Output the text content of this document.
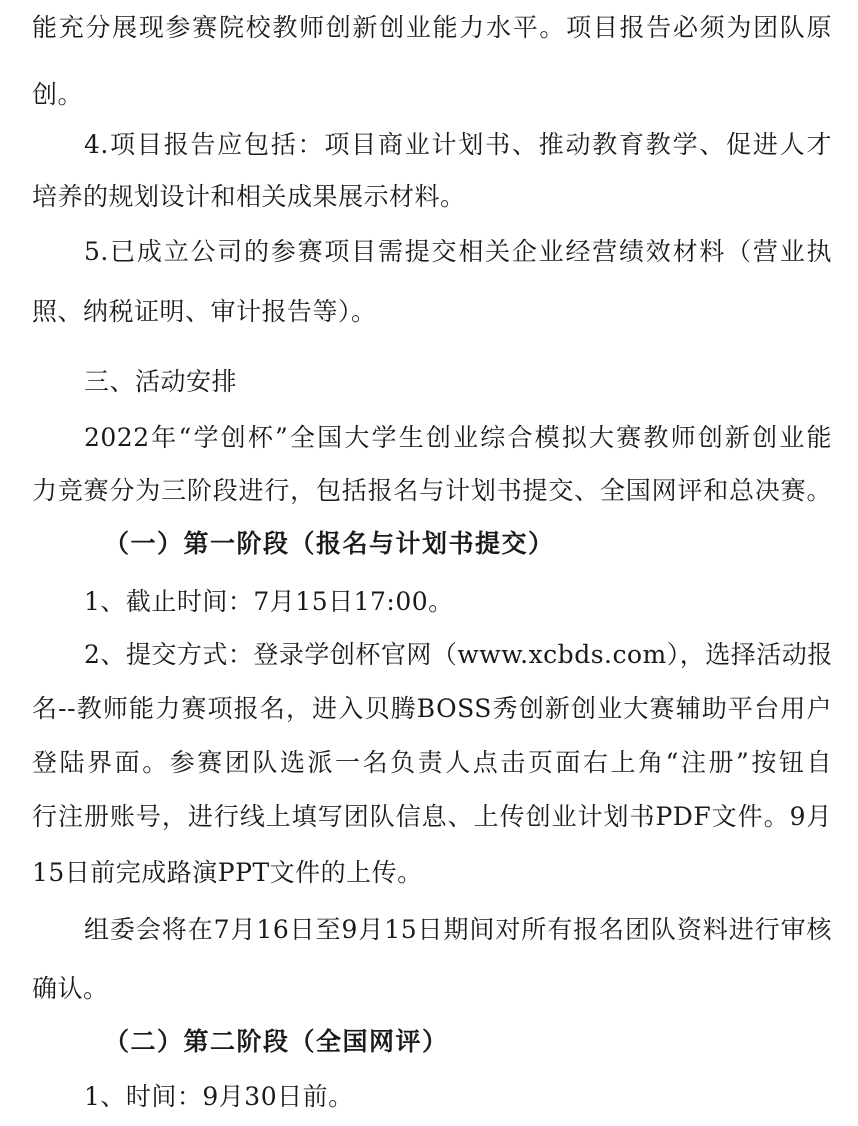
能充分展现参赛院校教师创新创业能力水平。项目报告必须为团队原
创。
4.项目报告应包括：项目商业计划书、推动教育教学、促进人才
培养的规划设计和相关成果展示材料。
5.已成立公司的参赛项目需提交相关企业经营绩效材料（营业执
照、纳税证明、审计报告等）。
三、活动安排
2022年“学创杯”全国大学生创业综合模拟大赛教师创新创业能
力竞赛分为三阶段进行，包括报名与计划书提交、全国网评和总决赛。
（一）第一阶段（报名与计划书提交）
1、截止时间：7月15日17:00。
2、提交方式：登录学创杯官网（www.xcbds.com），选择活动报
名--教师能力赛项报名，进入贝腾BOSS秀创新创业大赛辅助平台用户
登陆界面。参赛团队选派一名负责人点击页面右上角“注册”按钮自
行注册账号，进行线上填写团队信息、上传创业计划书PDF文件。9月
15日前完成路演PPT文件的上传。
组委会将在7月16日至9月15日期间对所有报名团队资料进行审核
确认。
（二）第二阶段（全国网评）
1、时间：9月30日前。
